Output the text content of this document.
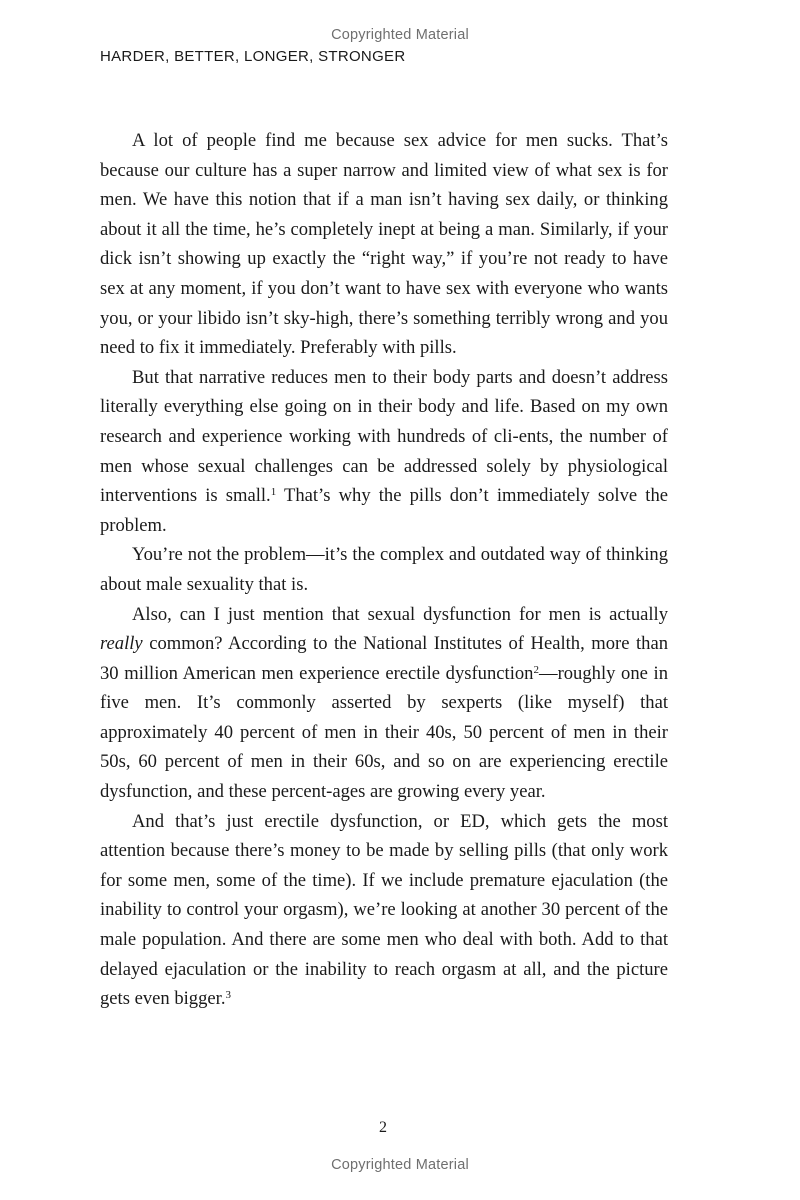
Copyrighted Material
HARDER, BETTER, LONGER, STRONGER

A lot of people find me because sex advice for men sucks. That’s because our culture has a super narrow and limited view of what sex is for men. We have this notion that if a man isn’t having sex daily, or thinking about it all the time, he’s completely inept at being a man. Similarly, if your dick isn’t showing up exactly the “right way,” if you’re not ready to have sex at any moment, if you don’t want to have sex with everyone who wants you, or your libido isn’t sky-high, there’s something terribly wrong and you need to fix it immediately. Preferably with pills.

But that narrative reduces men to their body parts and doesn’t address literally everything else going on in their body and life. Based on my own research and experience working with hundreds of cli-ents, the number of men whose sexual challenges can be addressed solely by physiological interventions is small.$^1$ That’s why the pills don’t immediately solve the problem.

You’re not the problem—it’s the complex and outdated way of thinking about male sexuality that is.

Also, can I just mention that sexual dysfunction for men is actually really common? According to the National Institutes of Health, more than 30 million American men experience erectile dysfunction$^2$—roughly one in five men. It’s commonly asserted by sexperts (like myself) that approximately 40 percent of men in their 40s, 50 percent of men in their 50s, 60 percent of men in their 60s, and so on are experiencing erectile dysfunction, and these percent-ages are growing every year.

And that’s just erectile dysfunction, or ED, which gets the most attention because there’s money to be made by selling pills (that only work for some men, some of the time). If we include premature ejaculation (the inability to control your orgasm), we’re looking at another 30 percent of the male population. And there are some men who deal with both. Add to that delayed ejaculation or the inability to reach orgasm at all, and the picture gets even bigger.$^3$

2
Copyrighted Material
